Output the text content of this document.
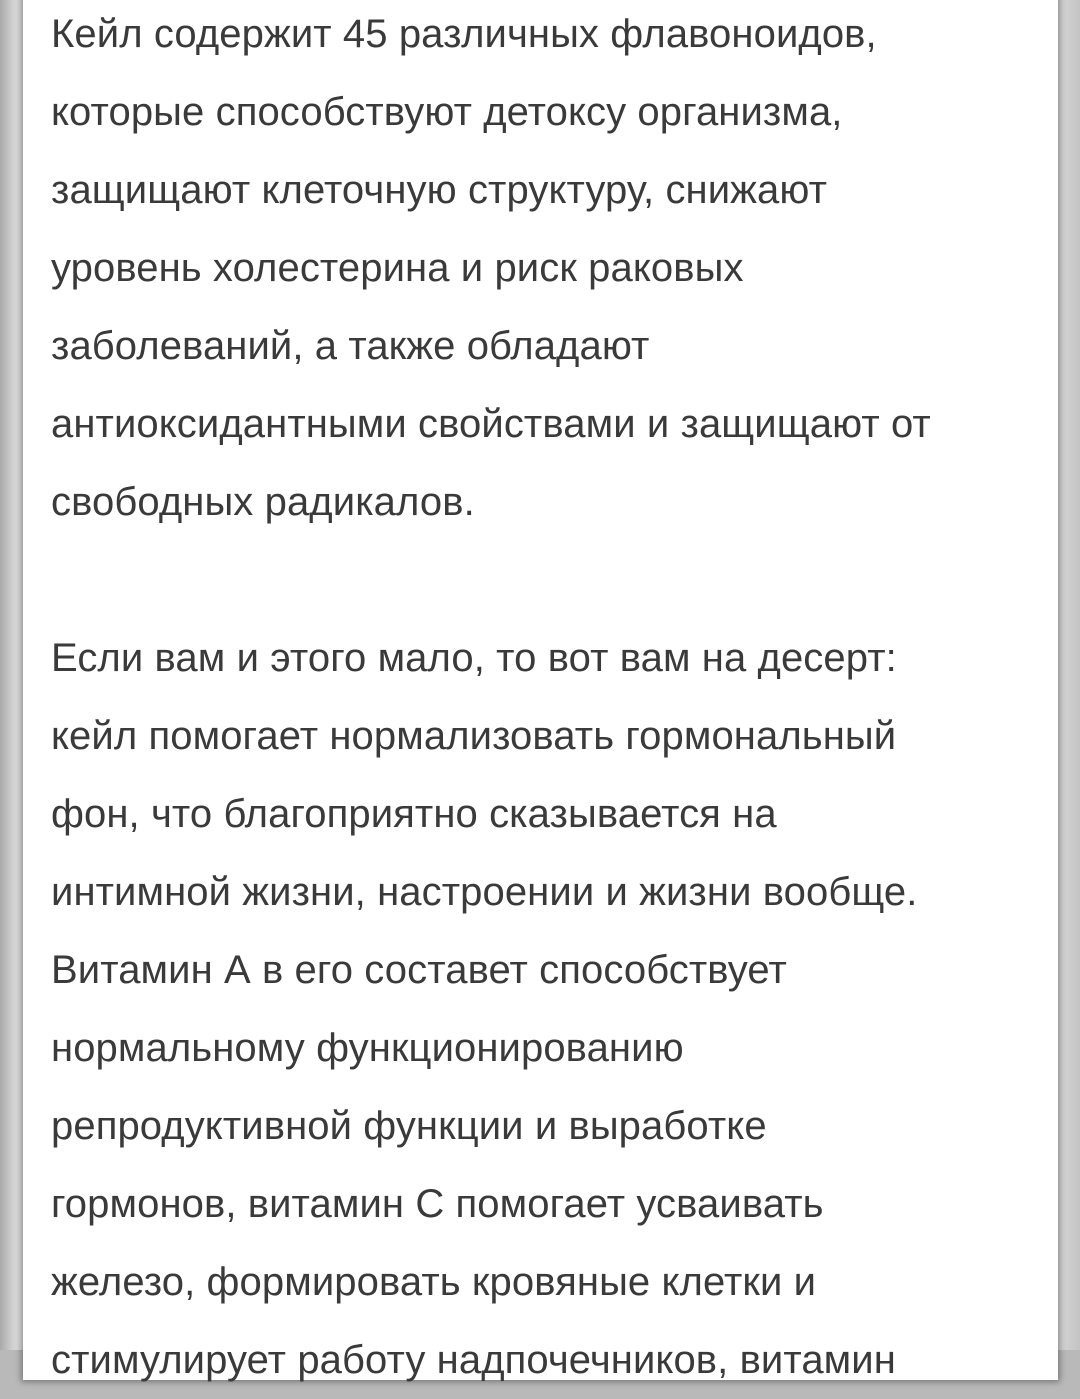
Кейл содержит 45 различных флавоноидов,
которые способствуют детоксу организма,
защищают клеточную структуру, снижают
уровень холестерина и риск раковых
заболеваний, а также обладают
антиоксидантными свойствами и защищают от
свободных радикалов.

Если вам и этого мало, то вот вам на десерт:
кейл помогает нормализовать гормональный
фон, что благоприятно сказывается на
интимной жизни, настроении и жизни вообще.
Витамин А в его составет способствует
нормальному функционированию
репродуктивной функции и выработке
гормонов, витамин С помогает усваивать
железо, формировать кровяные клетки и
стимулирует работу надпочечников, витамин
